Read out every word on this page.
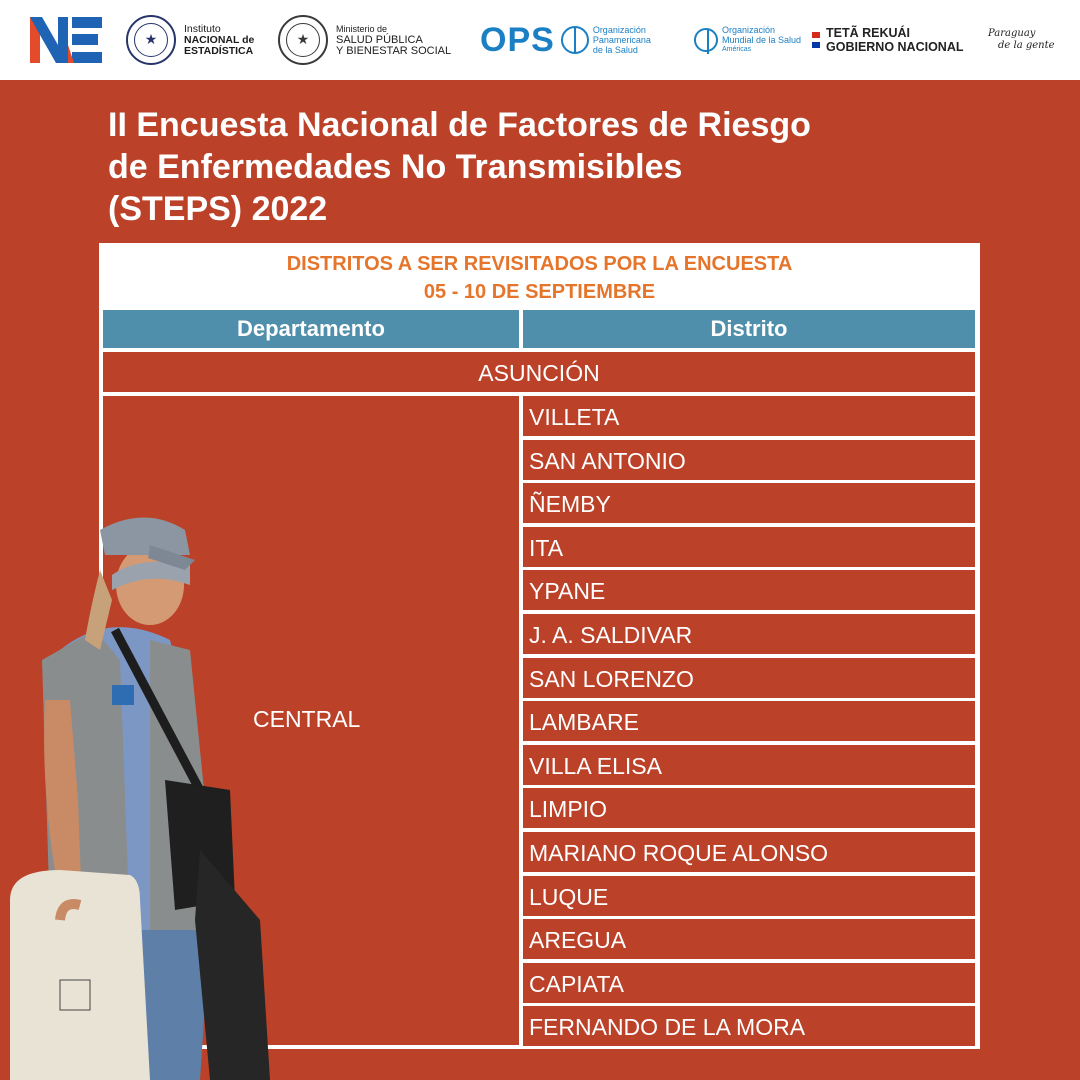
★
Instituto
NACIONAL de
ESTADÍSTICA
★
Ministerio de
SALUD PÚBLICA
Y BIENESTAR SOCIAL OPS	Organización
Panamericana
de la Salud
Organización
Mundial de la Salud
Américas
TETÃ REKUÁI
GOBIERNO NACIONAL
Paraguay
de la gente
II Encuesta Nacional de Factores de Riesgo
de Enfermedades No Transmisibles
(STEPS) 2022
DISTRITOS A SER REVISITADOS POR LA ENCUESTA
05 - 10 DE SEPTIEMBRE
Departamento	Distrito
ASUNCIÓN
CENTRAL
VILLETA
SAN ANTONIO
ÑEMBY
ITA
YPANE
J. A. SALDIVAR
SAN LORENZO
LAMBARE
VILLA ELISA
LIMPIO
MARIANO ROQUE ALONSO
LUQUE
AREGUA
CAPIATA
FERNANDO DE LA MORA
